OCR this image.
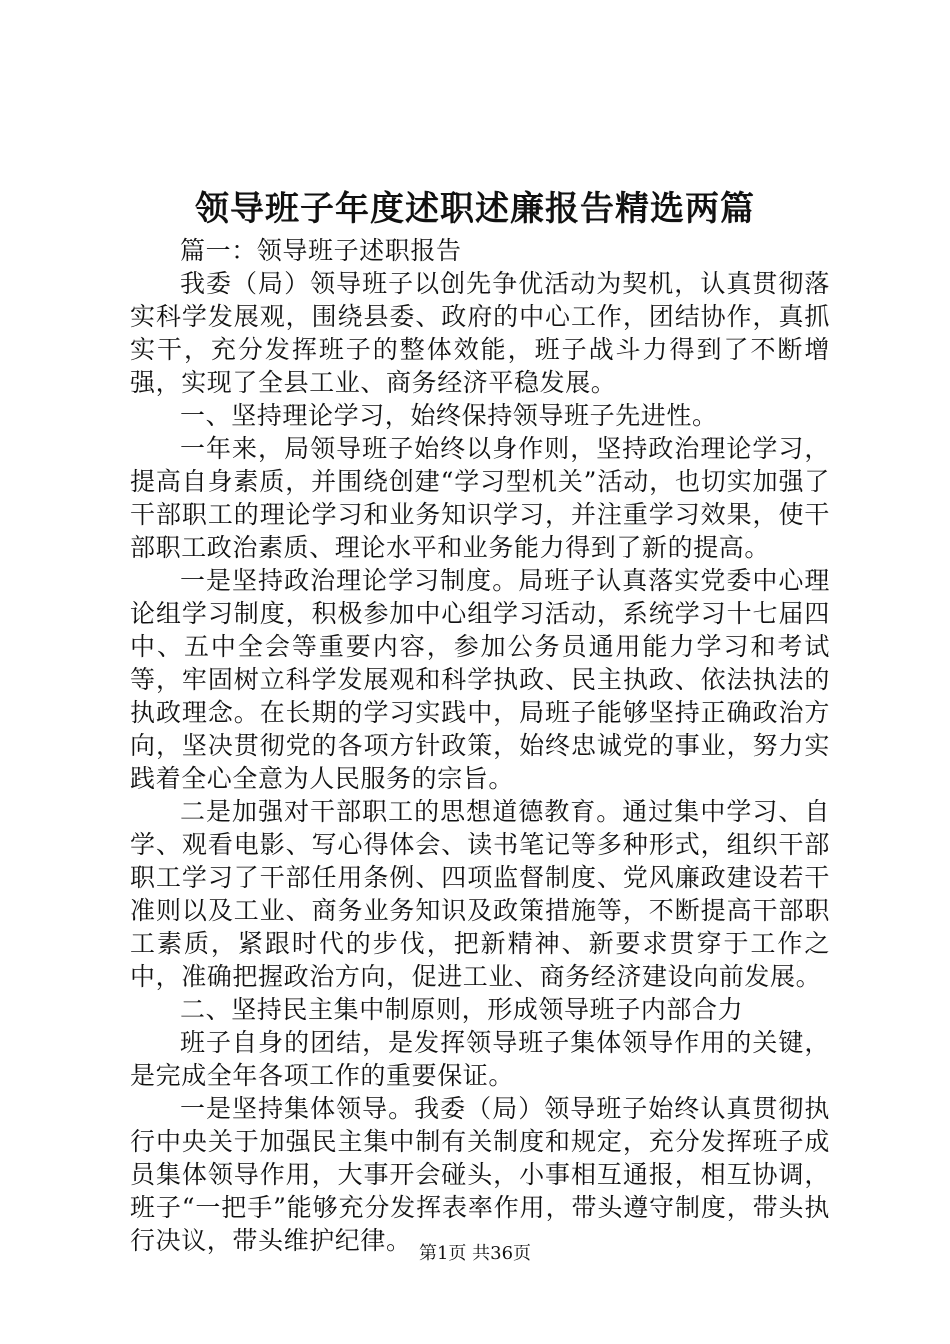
领导班子年度述职述廉报告精选两篇

篇一：领导班子述职报告

我委（局）领导班子以创先争优活动为契机，认真贯彻落实科学发展观，围绕县委、政府的中心工作，团结协作，真抓实干，充分发挥班子的整体效能，班子战斗力得到了不断增强，实现了全县工业、商务经济平稳发展。

一、坚持理论学习，始终保持领导班子先进性。

一年来，局领导班子始终以身作则，坚持政治理论学习，提高自身素质，并围绕创建“学习型机关”活动，也切实加强了干部职工的理论学习和业务知识学习，并注重学习效果，使干部职工政治素质、理论水平和业务能力得到了新的提高。

一是坚持政治理论学习制度。局班子认真落实党委中心理论组学习制度，积极参加中心组学习活动，系统学习十七届四中、五中全会等重要内容，参加公务员通用能力学习和考试等，牢固树立科学发展观和科学执政、民主执政、依法执法的执政理念。在长期的学习实践中，局班子能够坚持正确政治方向，坚决贯彻党的各项方针政策，始终忠诚党的事业，努力实践着全心全意为人民服务的宗旨。

二是加强对干部职工的思想道德教育。通过集中学习、自学、观看电影、写心得体会、读书笔记等多种形式，组织干部职工学习了干部任用条例、四项监督制度、党风廉政建设若干准则以及工业、商务业务知识及政策措施等，不断提高干部职工素质，紧跟时代的步伐，把新精神、新要求贯穿于工作之中，准确把握政治方向，促进工业、商务经济建设向前发展。

二、坚持民主集中制原则，形成领导班子内部合力

班子自身的团结，是发挥领导班子集体领导作用的关键，是完成全年各项工作的重要保证。

一是坚持集体领导。我委（局）领导班子始终认真贯彻执行中央关于加强民主集中制有关制度和规定，充分发挥班子成员集体领导作用，大事开会碰头，小事相互通报，相互协调，班子“一把手”能够充分发挥表率作用，带头遵守制度，带头执行决议，带头维护纪律。 第1页 共36页
